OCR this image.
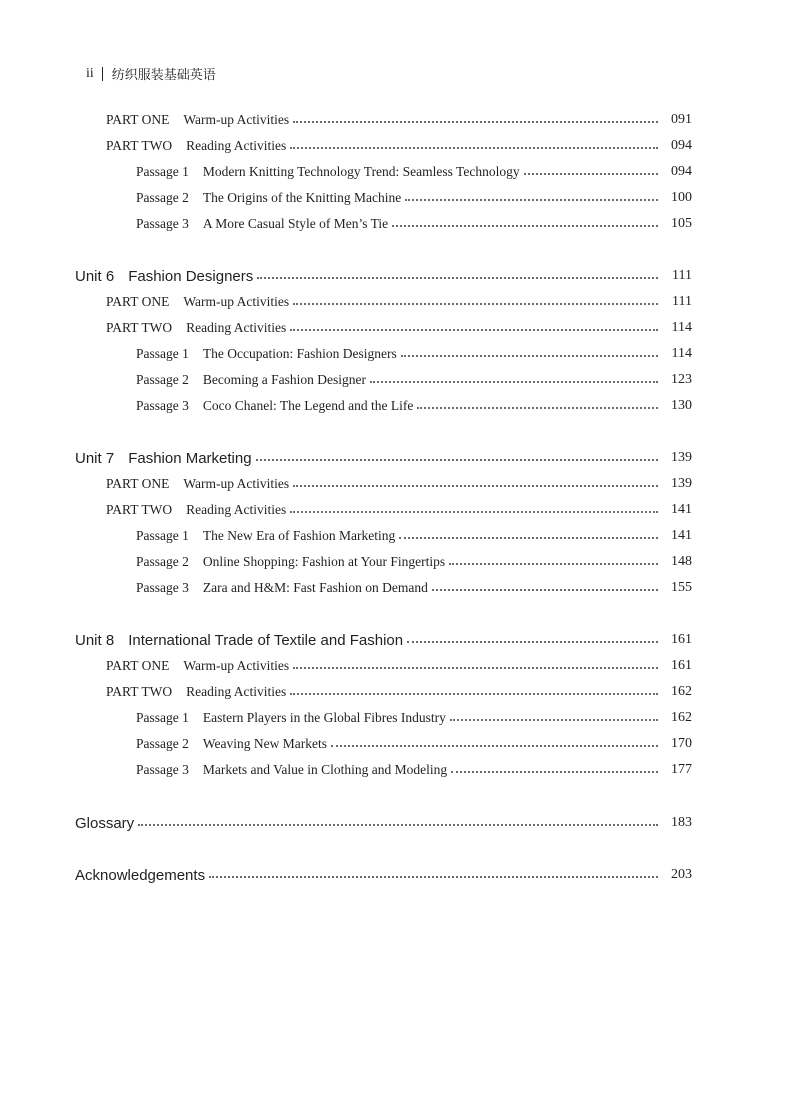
ii 纺织服装基础英语
PART ONE Warm-up Activities	091
PART TWO Reading Activities	094
Passage 1 Modern Knitting Technology Trend: Seamless Technology	094
Passage 2 The Origins of the Knitting Machine	100
Passage 3 A More Casual Style of Men’s Tie	105
Unit 6 Fashion Designers	111
PART ONE Warm-up Activities	111
PART TWO Reading Activities	114
Passage 1 The Occupation: Fashion Designers	114
Passage 2 Becoming a Fashion Designer	123
Passage 3 Coco Chanel: The Legend and the Life	130
Unit 7 Fashion Marketing	139
PART ONE Warm-up Activities	139
PART TWO Reading Activities	141
Passage 1 The New Era of Fashion Marketing	141
Passage 2 Online Shopping: Fashion at Your Fingertips	148
Passage 3 Zara and H&M: Fast Fashion on Demand	155
Unit 8 International Trade of Textile and Fashion	161
PART ONE Warm-up Activities	161
PART TWO Reading Activities	162
Passage 1 Eastern Players in the Global Fibres Industry	162
Passage 2 Weaving New Markets	170
Passage 3 Markets and Value in Clothing and Modeling	177
Glossary	183
Acknowledgements	203
